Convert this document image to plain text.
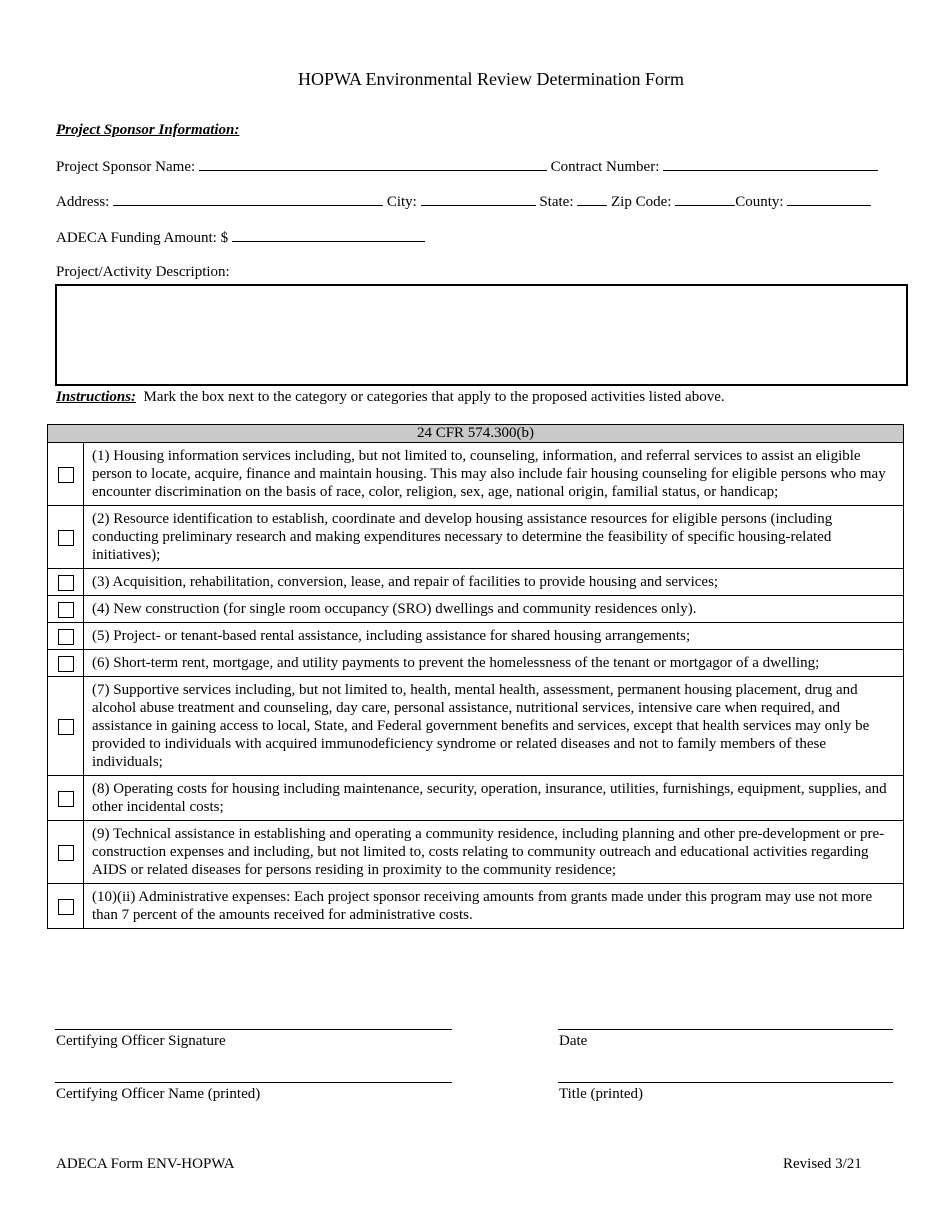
HOPWA Environmental Review Determination Form
Project Sponsor Information:
Project Sponsor Name:	Contract Number:
Address:	City:	State:	Zip Code:	County:
ADECA Funding Amount: $
Project/Activity Description:
Instructions: Mark the box next to the category or categories that apply to the proposed activities listed above.
24 CFR 574.300(b)	
	(1) Housing information services including, but not limited to, counseling, information, and referral services to assist an eligible person to locate, acquire, finance and maintain housing. This may also include fair housing counseling for eligible persons who may encounter discrimination on the basis of race, color, religion, sex, age, national origin, familial status, or handicap;
	(2) Resource identification to establish, coordinate and develop housing assistance resources for eligible persons (including conducting preliminary research and making expenditures necessary to determine the feasibility of specific housing-related initiatives);
	(3) Acquisition, rehabilitation, conversion, lease, and repair of facilities to provide housing and services;
	(4) New construction (for single room occupancy (SRO) dwellings and community residences only).
	(5) Project- or tenant-based rental assistance, including assistance for shared housing arrangements;
	(6) Short-term rent, mortgage, and utility payments to prevent the homelessness of the tenant or mortgagor of a dwelling;
	(7) Supportive services including, but not limited to, health, mental health, assessment, permanent housing placement, drug and alcohol abuse treatment and counseling, day care, personal assistance, nutritional services, intensive care when required, and assistance in gaining access to local, State, and Federal government benefits and services, except that health services may only be provided to individuals with acquired immunodeficiency syndrome or related diseases and not to family members of these individuals;
	(8) Operating costs for housing including maintenance, security, operation, insurance, utilities, furnishings, equipment, supplies, and other incidental costs;
	(9) Technical assistance in establishing and operating a community residence, including planning and other pre-development or pre-construction expenses and including, but not limited to, costs relating to community outreach and educational activities regarding AIDS or related diseases for persons residing in proximity to the community residence;
	(10)(ii) Administrative expenses: Each project sponsor receiving amounts from grants made under this program may use not more than 7 percent of the amounts received for administrative costs.
Certifying Officer Signature	Date
Certifying Officer Name (printed)	Title (printed)
ADECA Form ENV-HOPWA	Revised 3/21
